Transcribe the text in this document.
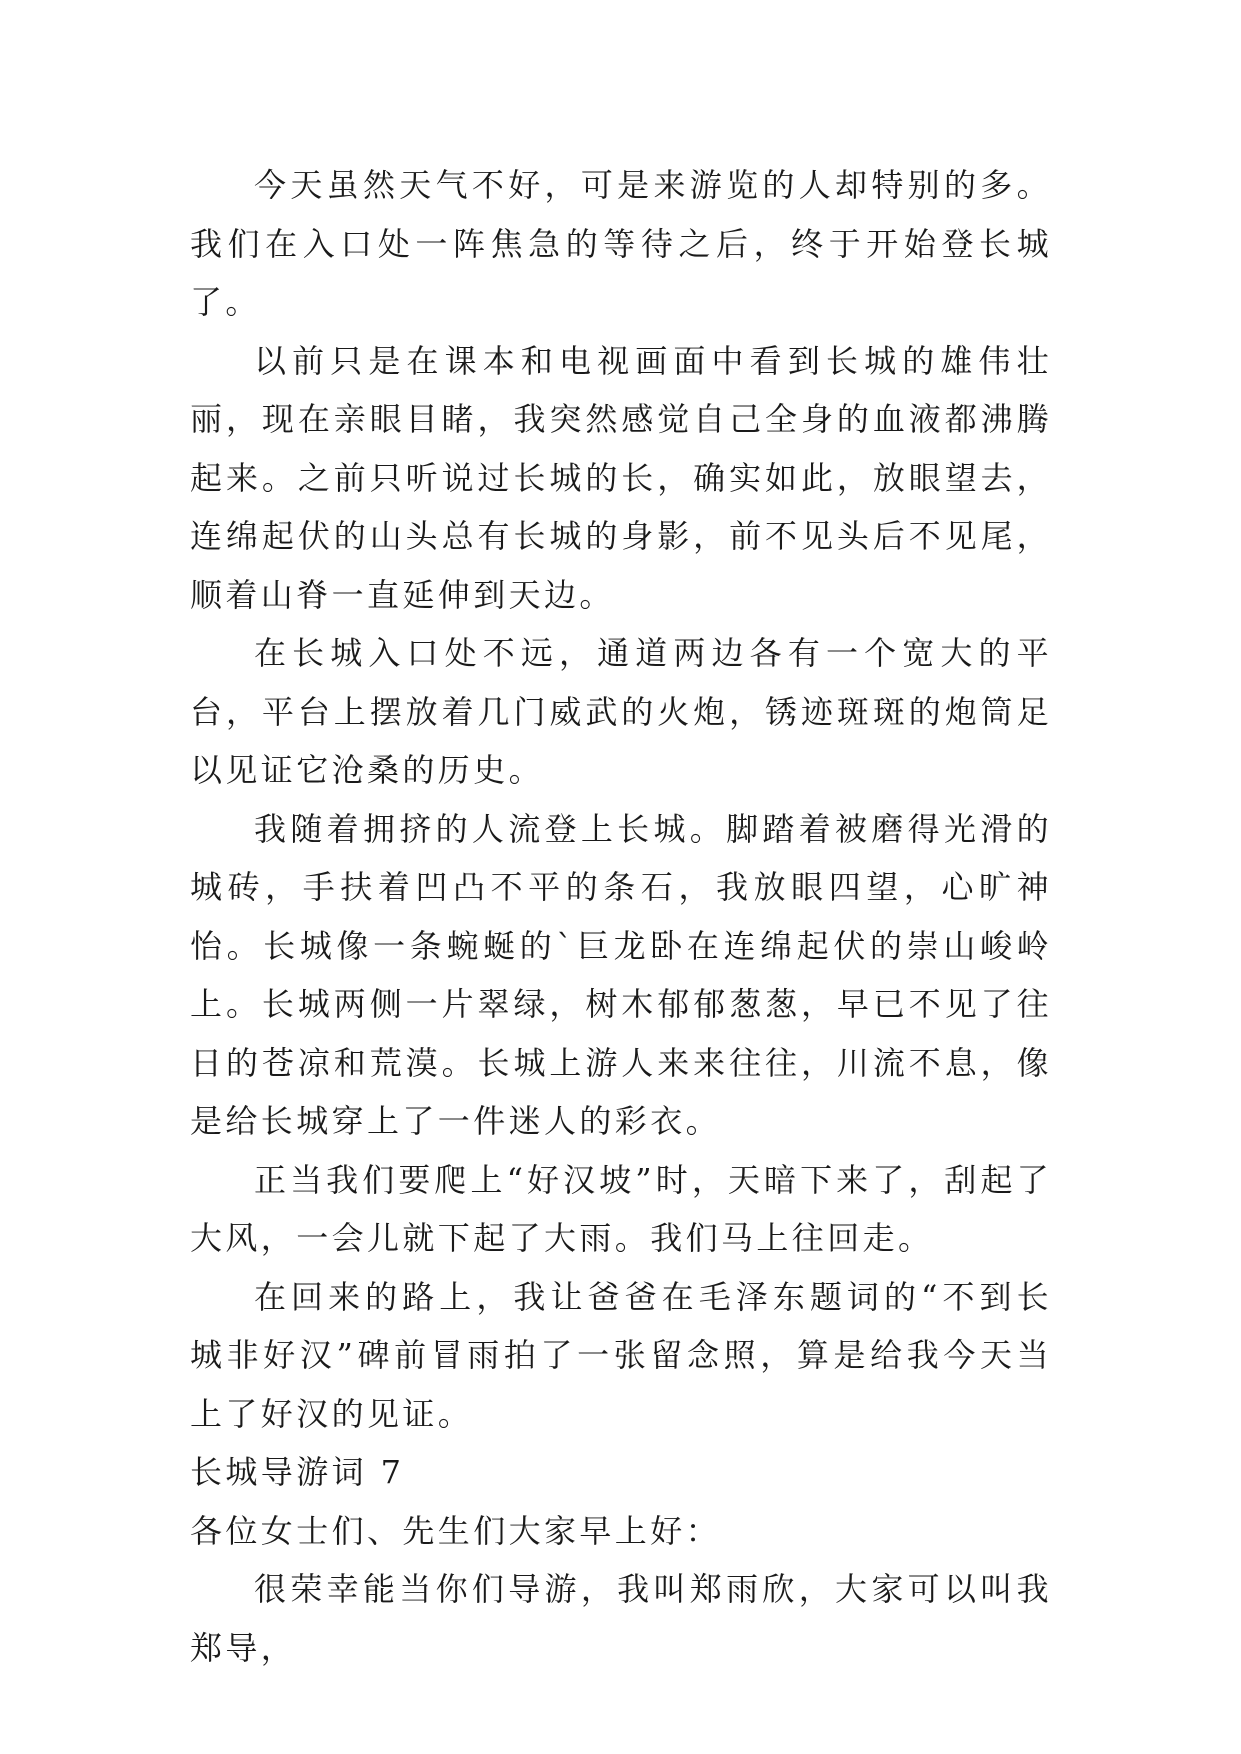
今天虽然天气不好，可是来游览的人却特别的多。我们在入口处一阵焦急的等待之后，终于开始登长城了。

以前只是在课本和电视画面中看到长城的雄伟壮丽，现在亲眼目睹，我突然感觉自己全身的血液都沸腾起来。之前只听说过长城的长，确实如此，放眼望去，连绵起伏的山头总有长城的身影，前不见头后不见尾，顺着山脊一直延伸到天边。

在长城入口处不远，通道两边各有一个宽大的平台，平台上摆放着几门威武的火炮，锈迹斑斑的炮筒足以见证它沧桑的历史。

我随着拥挤的人流登上长城。脚踏着被磨得光滑的城砖，手扶着凹凸不平的条石，我放眼四望，心旷神怡。长城像一条蜿蜒的`巨龙卧在连绵起伏的崇山峻岭上。长城两侧一片翠绿，树木郁郁葱葱，早已不见了往日的苍凉和荒漠。长城上游人来来往往，川流不息，像是给长城穿上了一件迷人的彩衣。

正当我们要爬上“好汉坡”时，天暗下来了，刮起了大风，一会儿就下起了大雨。我们马上往回走。

在回来的路上，我让爸爸在毛泽东题词的“不到长城非好汉”碑前冒雨拍了一张留念照，算是给我今天当上了好汉的见证。

长城导游词 7

各位女士们、先生们大家早上好：

很荣幸能当你们导游，我叫郑雨欣，大家可以叫我郑导，
